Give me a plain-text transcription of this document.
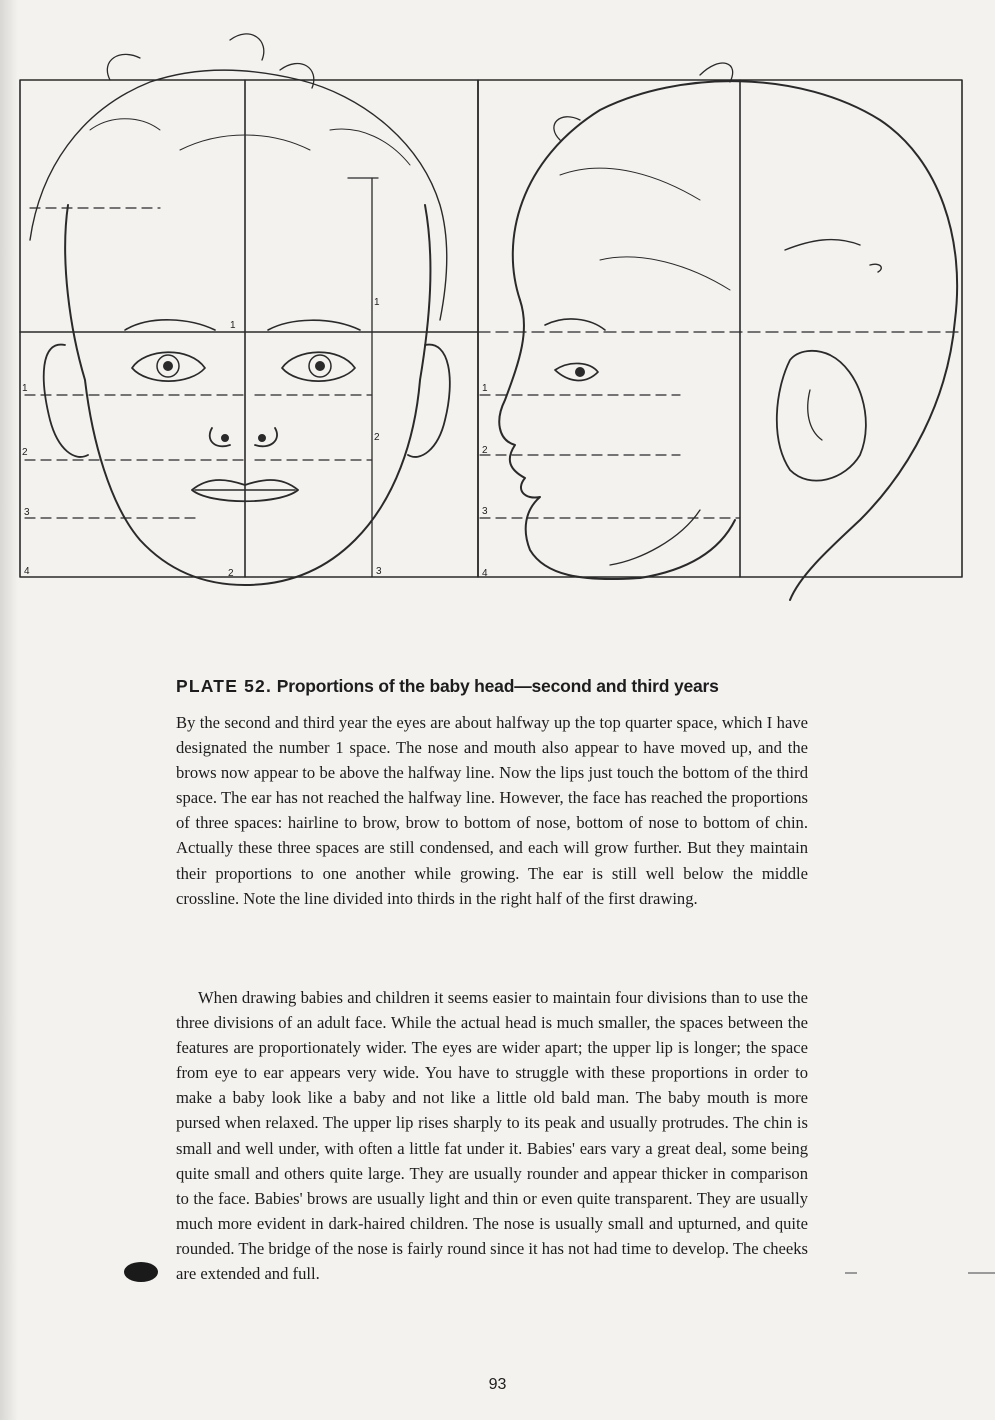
1
2
3
4
1
2
1
2
3
1
2
3
4
PLATE 52. Proportions of the baby head—second and third years

By the second and third year the eyes are about halfway up the top quarter space, which I have designated the number 1 space. The nose and mouth also appear to have moved up, and the brows now appear to be above the halfway line. Now the lips just touch the bottom of the third space. The ear has not reached the halfway line. However, the face has reached the proportions of three spaces: hairline to brow, brow to bottom of nose, bottom of nose to bottom of chin. Actually these three spaces are still condensed, and each will grow further. But they maintain their proportions to one another while growing. The ear is still well below the middle crossline. Note the line divided into thirds in the right half of the first drawing.

When drawing babies and children it seems easier to maintain four divisions than to use the three divisions of an adult face. While the actual head is much smaller, the spaces between the features are proportionately wider. The eyes are wider apart; the upper lip is longer; the space from eye to ear appears very wide. You have to struggle with these proportions in order to make a baby look like a baby and not like a little old bald man. The baby mouth is more pursed when relaxed. The upper lip rises sharply to its peak and usually protrudes. The chin is small and well under, with often a little fat under it. Babies' ears vary a great deal, some being quite small and others quite large. They are usually rounder and appear thicker in comparison to the face. Babies' brows are usually light and thin or even quite transparent. They are usually much more evident in dark-haired children. The nose is usually small and upturned, and quite rounded. The bridge of the nose is fairly round since it has not had time to develop. The cheeks are extended and full.

93
